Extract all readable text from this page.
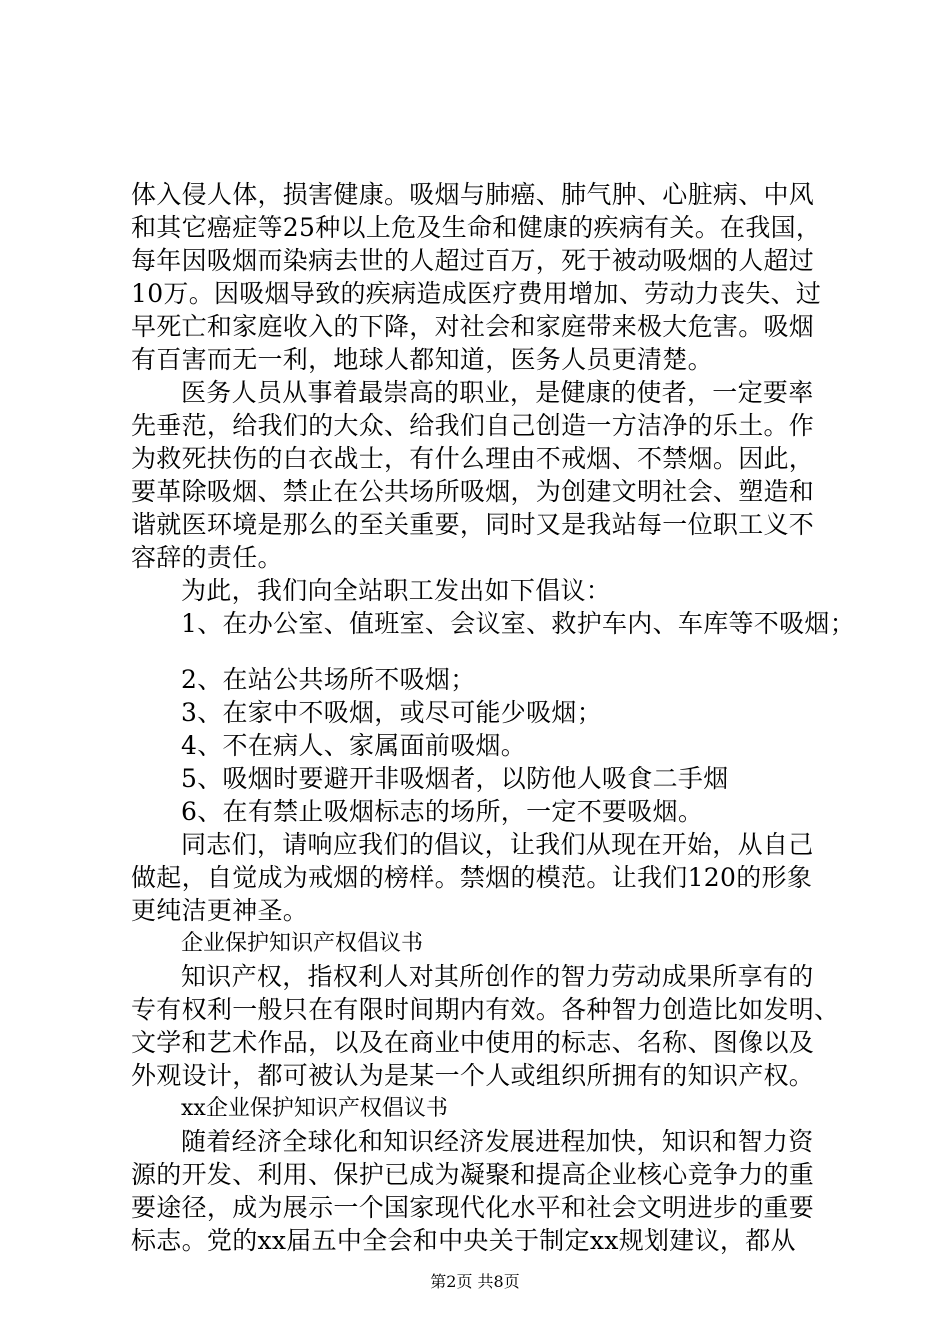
体入侵人体，损害健康。吸烟与肺癌、肺气肿、心脏病、中风
和其它癌症等25种以上危及生命和健康的疾病有关。在我国，
每年因吸烟而染病去世的人超过百万，死于被动吸烟的人超过
10万。因吸烟导致的疾病造成医疗费用增加、劳动力丧失、过
早死亡和家庭收入的下降，对社会和家庭带来极大危害。吸烟
有百害而无一利，地球人都知道，医务人员更清楚。
医务人员从事着最崇高的职业，是健康的使者，一定要率
先垂范，给我们的大众、给我们自己创造一方洁净的乐土。作
为救死扶伤的白衣战士，有什么理由不戒烟、不禁烟。因此，
要革除吸烟、禁止在公共场所吸烟，为创建文明社会、塑造和
谐就医环境是那么的至关重要，同时又是我站每一位职工义不
容辞的责任。
为此，我们向全站职工发出如下倡议：
1、在办公室、值班室、会议室、救护车内、车库等不吸烟；
2、在站公共场所不吸烟；
3、在家中不吸烟，或尽可能少吸烟；
4、不在病人、家属面前吸烟。
5、吸烟时要避开非吸烟者，以防他人吸食二手烟
6、在有禁止吸烟标志的场所，一定不要吸烟。
同志们，请响应我们的倡议，让我们从现在开始，从自己
做起，自觉成为戒烟的榜样。禁烟的模范。让我们120的形象
更纯洁更神圣。
企业保护知识产权倡议书
知识产权，指权利人对其所创作的智力劳动成果所享有的
专有权利一般只在有限时间期内有效。各种智力创造比如发明、
文学和艺术作品，以及在商业中使用的标志、名称、图像以及
外观设计，都可被认为是某一个人或组织所拥有的知识产权。
xx企业保护知识产权倡议书
随着经济全球化和知识经济发展进程加快，知识和智力资
源的开发、利用、保护已成为凝聚和提高企业核心竞争力的重
要途径，成为展示一个国家现代化水平和社会文明进步的重要
标志。党的xx届五中全会和中央关于制定xx规划建议，都从
第2页 共8页
